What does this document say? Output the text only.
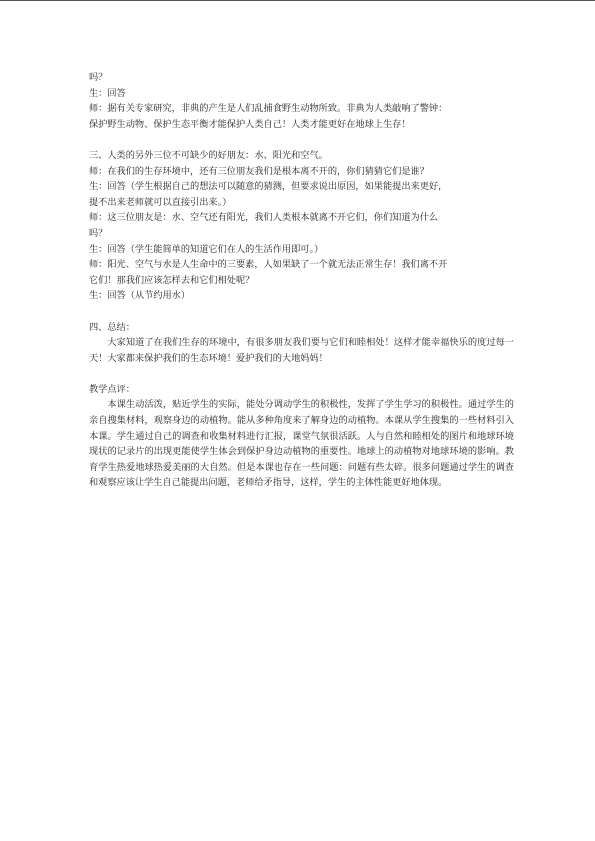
吗？
生：回答
师：据有关专家研究，非典的产生是人们乱捕食野生动物所致。非典为人类敲响了警钟：
保护野生动物、保护生态平衡才能保护人类自己！人类才能更好在地球上生存！
三、人类的另外三位不可缺少的好朋友：水、阳光和空气。
师：在我们的生存环境中，还有三位朋友我们是根本离不开的，你们猜猜它们是谁？
生：回答（学生根据自己的想法可以随意的猜测，但要求说出原因，如果能提出来更好，
提不出来老师就可以直接引出来。）
师：这三位朋友是：水、空气还有阳光，我们人类根本就离不开它们，你们知道为什么
吗？
生：回答（学生能简单的知道它们在人的生活作用即可。）
师：阳光、空气与水是人生命中的三要素，人如果缺了一个就无法正常生存！我们离不开
它们！那我们应该怎样去和它们相处呢？
生：回答（从节约用水）
四、总结：
大家知道了在我们生存的环境中，有很多朋友我们要与它们和睦相处！这样才能幸福快乐的度过每一天！大家都来保护我们的生态环境！爱护我们的大地妈妈！
教学点评：
本课生动活泼，贴近学生的实际，能处分调动学生的积极性，发挥了学生学习的积极性。通过学生的亲自搜集材料，观察身边的动植物。能从多种角度来了解身边的动植物。本课从学生搜集的一些材料引入本课。学生通过自己的调查和收集材料进行汇报，课堂气氛很活跃。人与自然和睦相处的图片和地球环境现状的记录片的出现更能使学生体会到保护身边动植物的重要性。地球上的动植物对地球环境的影响。教育学生热爱地球热爱美丽的大自然。但是本课也存在一些问题：问题有些太碎。很多问题通过学生的调查和观察应该让学生自己能提出问题，老师给矛指导，这样，学生的主体性能更好地体现。
